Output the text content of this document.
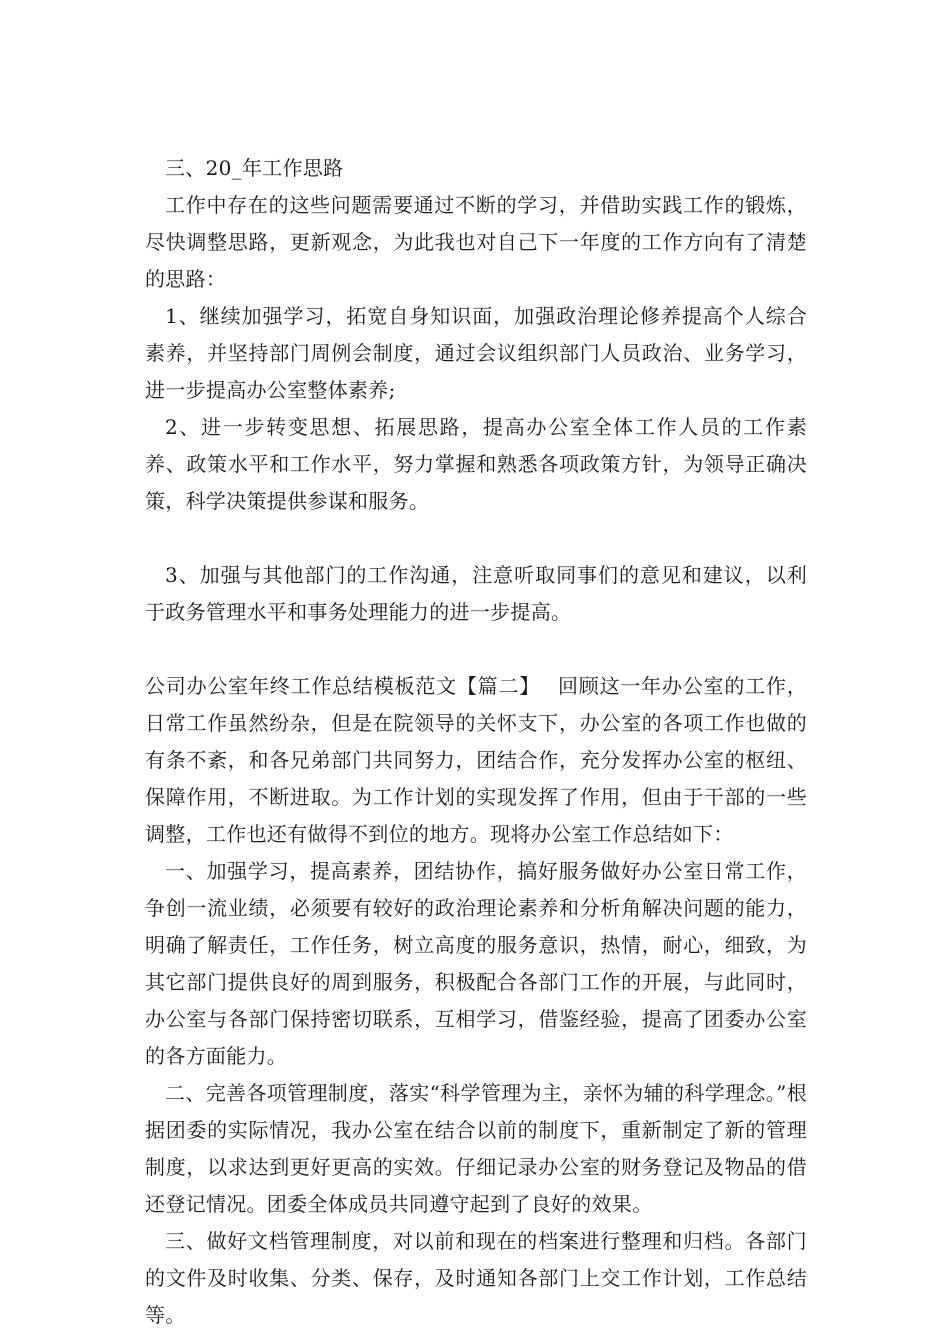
三、20_年工作思路

工作中存在的这些问题需要通过不断的学习，并借助实践工作的锻炼，尽快调整思路，更新观念，为此我也对自己下一年度的工作方向有了清楚的思路：

1、继续加强学习，拓宽自身知识面，加强政治理论修养提高个人综合素养，并坚持部门周例会制度，通过会议组织部门人员政治、业务学习，进一步提高办公室整体素养;

2、进一步转变思想、拓展思路，提高办公室全体工作人员的工作素养、政策水平和工作水平，努力掌握和熟悉各项政策方针，为领导正确决策，科学决策提供参谋和服务。

3、加强与其他部门的工作沟通，注意听取同事们的意见和建议，以利于政务管理水平和事务处理能力的进一步提高。

公司办公室年终工作总结模板范文【篇二】　 回顾这一年办公室的工作，日常工作虽然纷杂，但是在院领导的关怀支下，办公室的各项工作也做的有条不紊，和各兄弟部门共同努力，团结合作，充分发挥办公室的枢纽、保障作用，不断进取。为工作计划的实现发挥了作用，但由于干部的一些调整，工作也还有做得不到位的地方。现将办公室工作总结如下：

一、加强学习，提高素养，团结协作，搞好服务做好办公室日常工作，争创一流业绩，必须要有较好的政治理论素养和分析角解决问题的能力，明确了解责任，工作任务，树立高度的服务意识，热情，耐心，细致，为其它部门提供良好的周到服务，积极配合各部门工作的开展，与此同时，办公室与各部门保持密切联系，互相学习，借鉴经验，提高了团委办公室的各方面能力。

二、完善各项管理制度，落实“科学管理为主，亲怀为辅的科学理念。”根据团委的实际情况，我办公室在结合以前的制度下，重新制定了新的管理制度，以求达到更好更高的实效。仔细记录办公室的财务登记及物品的借还登记情况。团委全体成员共同遵守起到了良好的效果。

三、做好文档管理制度，对以前和现在的档案进行整理和归档。各部门的文件及时收集、分类、保存，及时通知各部门上交工作计划，工作总结等。
